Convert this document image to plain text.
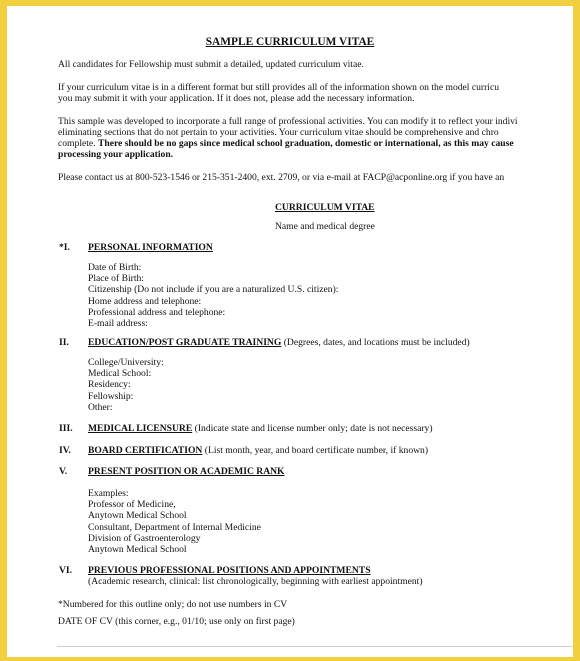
SAMPLE CURRICULUM VITAE
All candidates for Fellowship must submit a detailed, updated curriculum vitae.
If your curriculum vitae is in a different format but still provides all of the information shown on the model curricu
you may submit it with your application. If it does not, please add the necessary information.
This sample was developed to incorporate a full range of professional activities. You can modify it to reflect your indivi
eliminating sections that do not pertain to your activities. Your curriculum vitae should be comprehensive and chro
complete. There should be no gaps since medical school graduation, domestic or international, as this may cause
processing your application.
Please contact us at 800-523-1546 or 215-351-2400, ext. 2709, or via e-mail at FACP@acponline.org if you have an
CURRICULUM VITAE
Name and medical degree
*I. PERSONAL INFORMATION
Date of Birth:
Place of Birth:
Citizenship (Do not include if you are a naturalized U.S. citizen):
Home address and telephone:
Professional address and telephone:
E-mail address:
II. EDUCATION/POST GRADUATE TRAINING (Degrees, dates, and locations must be included)
College/University:
Medical School:
Residency:
Fellowship:
Other:
III. MEDICAL LICENSURE (Indicate state and license number only; date is not necessary)
IV. BOARD CERTIFICATION (List month, year, and board certificate number, if known)
V. PRESENT POSITION OR ACADEMIC RANK
Examples:
Professor of Medicine,
Anytown Medical School
Consultant, Department of Internal Medicine
Division of Gastroenterology
Anytown Medical School
VI. PREVIOUS PROFESSIONAL POSITIONS AND APPOINTMENTS
(Academic research, clinical: list chronologically, beginning with earliest appointment)
*Numbered for this outline only; do not use numbers in CV
DATE OF CV (this corner, e.g., 01/10; use only on first page)
